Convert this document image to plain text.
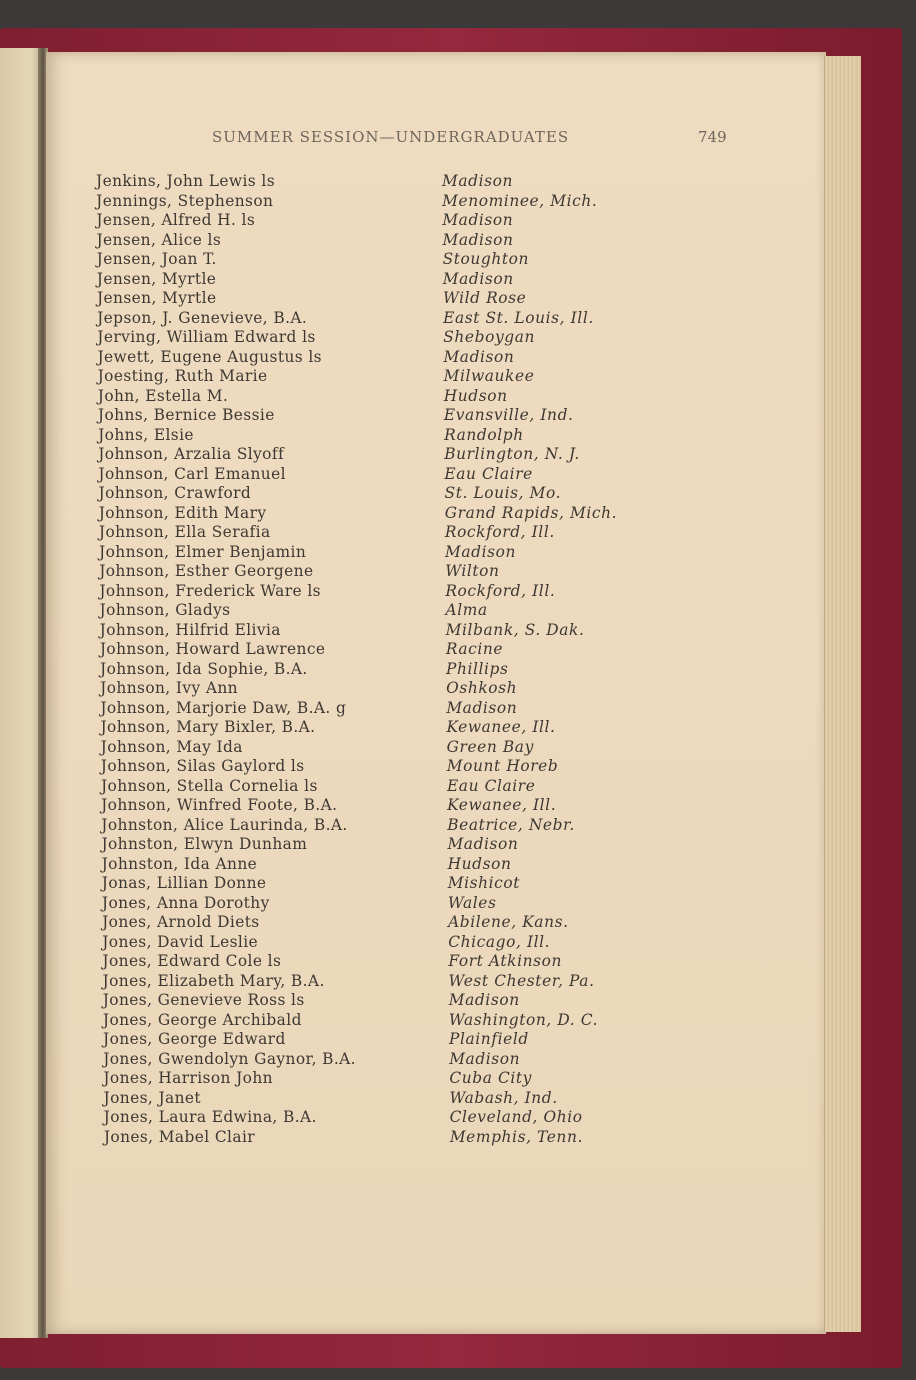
SUMMER SESSION—UNDERGRADUATES	749
Jenkins, John Lewis ls	Madison
Jennings, Stephenson	Menominee, Mich.
Jensen, Alfred H. ls	Madison
Jensen, Alice ls	Madison
Jensen, Joan T.	Stoughton
Jensen, Myrtle	Madison
Jensen, Myrtle	Wild Rose
Jepson, J. Genevieve, B.A.	East St. Louis, Ill.
Jerving, William Edward ls	Sheboygan
Jewett, Eugene Augustus ls	Madison
Joesting, Ruth Marie	Milwaukee
John, Estella M.	Hudson
Johns, Bernice Bessie	Evansville, Ind.
Johns, Elsie	Randolph
Johnson, Arzalia Slyoff	Burlington, N. J.
Johnson, Carl Emanuel	Eau Claire
Johnson, Crawford	St. Louis, Mo.
Johnson, Edith Mary	Grand Rapids, Mich.
Johnson, Ella Serafia	Rockford, Ill.
Johnson, Elmer Benjamin	Madison
Johnson, Esther Georgene	Wilton
Johnson, Frederick Ware ls	Rockford, Ill.
Johnson, Gladys	Alma
Johnson, Hilfrid Elivia	Milbank, S. Dak.
Johnson, Howard Lawrence	Racine
Johnson, Ida Sophie, B.A.	Phillips
Johnson, Ivy Ann	Oshkosh
Johnson, Marjorie Daw, B.A. g	Madison
Johnson, Mary Bixler, B.A.	Kewanee, Ill.
Johnson, May Ida	Green Bay
Johnson, Silas Gaylord ls	Mount Horeb
Johnson, Stella Cornelia ls	Eau Claire
Johnson, Winfred Foote, B.A.	Kewanee, Ill.
Johnston, Alice Laurinda, B.A.	Beatrice, Nebr.
Johnston, Elwyn Dunham	Madison
Johnston, Ida Anne	Hudson
Jonas, Lillian Donne	Mishicot
Jones, Anna Dorothy	Wales
Jones, Arnold Diets	Abilene, Kans.
Jones, David Leslie	Chicago, Ill.
Jones, Edward Cole ls	Fort Atkinson
Jones, Elizabeth Mary, B.A.	West Chester, Pa.
Jones, Genevieve Ross ls	Madison
Jones, George Archibald	Washington, D. C.
Jones, George Edward	Plainfield
Jones, Gwendolyn Gaynor, B.A.	Madison
Jones, Harrison John	Cuba City
Jones, Janet	Wabash, Ind.
Jones, Laura Edwina, B.A.	Cleveland, Ohio
Jones, Mabel Clair	Memphis, Tenn.
